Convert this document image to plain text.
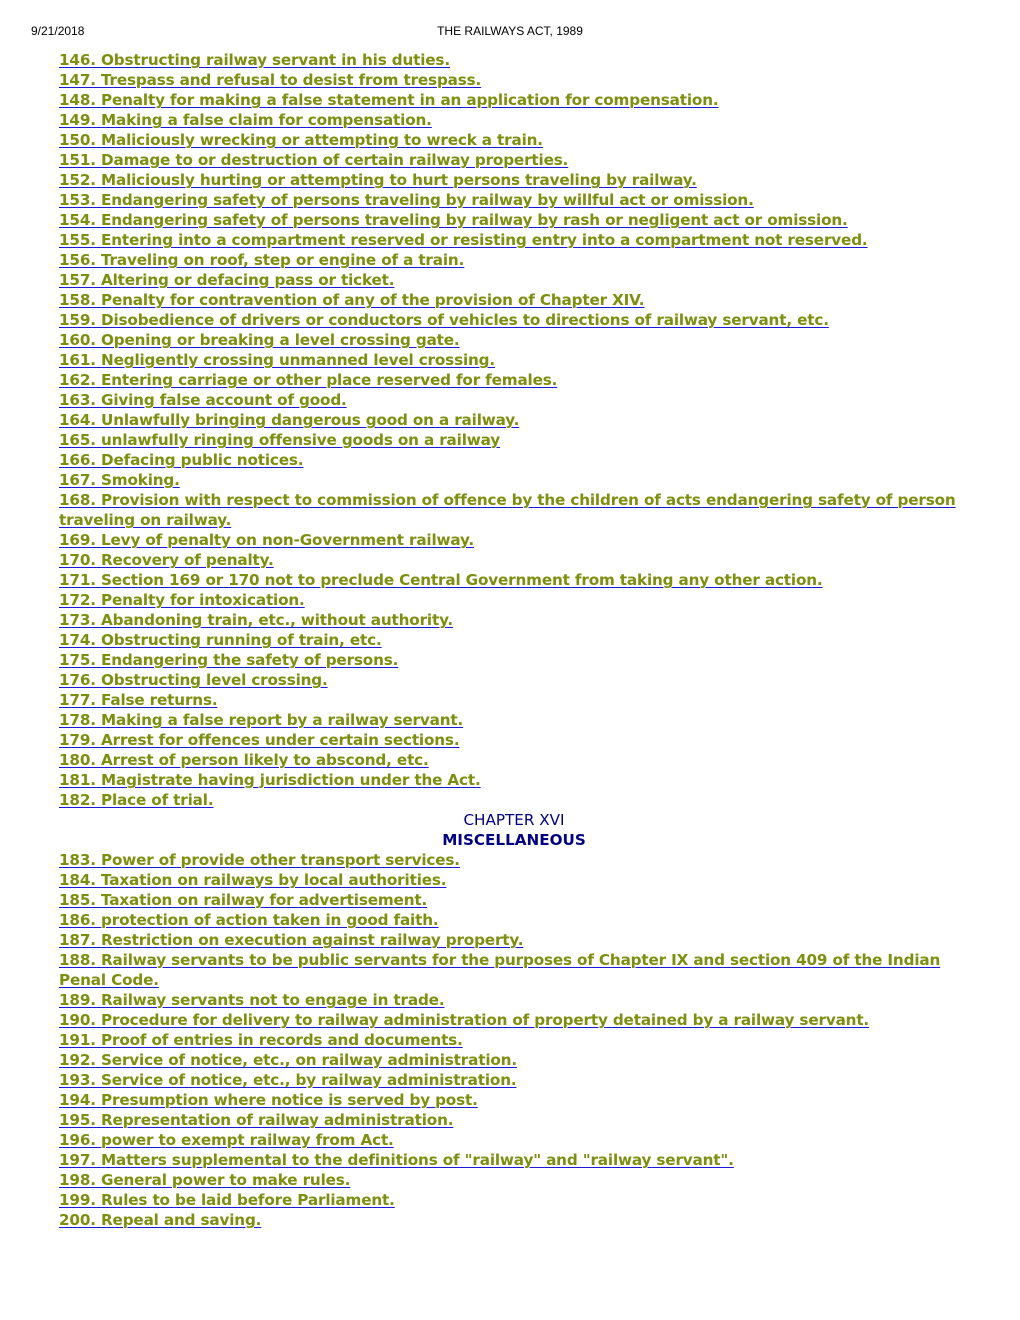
9/21/2018	THE RAILWAYS ACT, 1989
146. Obstructing railway servant in his duties.
147. Trespass and refusal to desist from trespass.
148. Penalty for making a false statement in an application for compensation.
149. Making a false claim for compensation.
150. Maliciously wrecking or attempting to wreck a train.
151. Damage to or destruction of certain railway properties.
152. Maliciously hurting or attempting to hurt persons traveling by railway.
153. Endangering safety of persons traveling by railway by willful act or omission.
154. Endangering safety of persons traveling by railway by rash or negligent act or omission.
155. Entering into a compartment reserved or resisting entry into a compartment not reserved.
156. Traveling on roof, step or engine of a train.
157. Altering or defacing pass or ticket.
158. Penalty for contravention of any of the provision of Chapter XIV.
159. Disobedience of drivers or conductors of vehicles to directions of railway servant, etc.
160. Opening or breaking a level crossing gate.
161. Negligently crossing unmanned level crossing.
162. Entering carriage or other place reserved for females.
163. Giving false account of good.
164. Unlawfully bringing dangerous good on a railway.
165. unlawfully ringing offensive goods on a railway
166. Defacing public notices.
167. Smoking.
168. Provision with respect to commission of offence by the children of acts endangering safety of person traveling on railway.
169. Levy of penalty on non-Government railway.
170. Recovery of penalty.
171. Section 169 or 170 not to preclude Central Government from taking any other action.
172. Penalty for intoxication.
173. Abandoning train, etc., without authority.
174. Obstructing running of train, etc.
175. Endangering the safety of persons.
176. Obstructing level crossing.
177. False returns.
178. Making a false report by a railway servant.
179. Arrest for offences under certain sections.
180. Arrest of person likely to abscond, etc.
181. Magistrate having jurisdiction under the Act.
182. Place of trial.
CHAPTER XVI
MISCELLANEOUS
183. Power of provide other transport services.
184. Taxation on railways by local authorities.
185. Taxation on railway for advertisement.
186. protection of action taken in good faith.
187. Restriction on execution against railway property.
188. Railway servants to be public servants for the purposes of Chapter IX and section 409 of the Indian Penal Code.
189. Railway servants not to engage in trade.
190. Procedure for delivery to railway administration of property detained by a railway servant.
191. Proof of entries in records and documents.
192. Service of notice, etc., on railway administration.
193. Service of notice, etc., by railway administration.
194. Presumption where notice is served by post.
195. Representation of railway administration.
196. power to exempt railway from Act.
197. Matters supplemental to the definitions of "railway" and "railway servant".
198. General power to make rules.
199. Rules to be laid before Parliament.
200. Repeal and saving.
